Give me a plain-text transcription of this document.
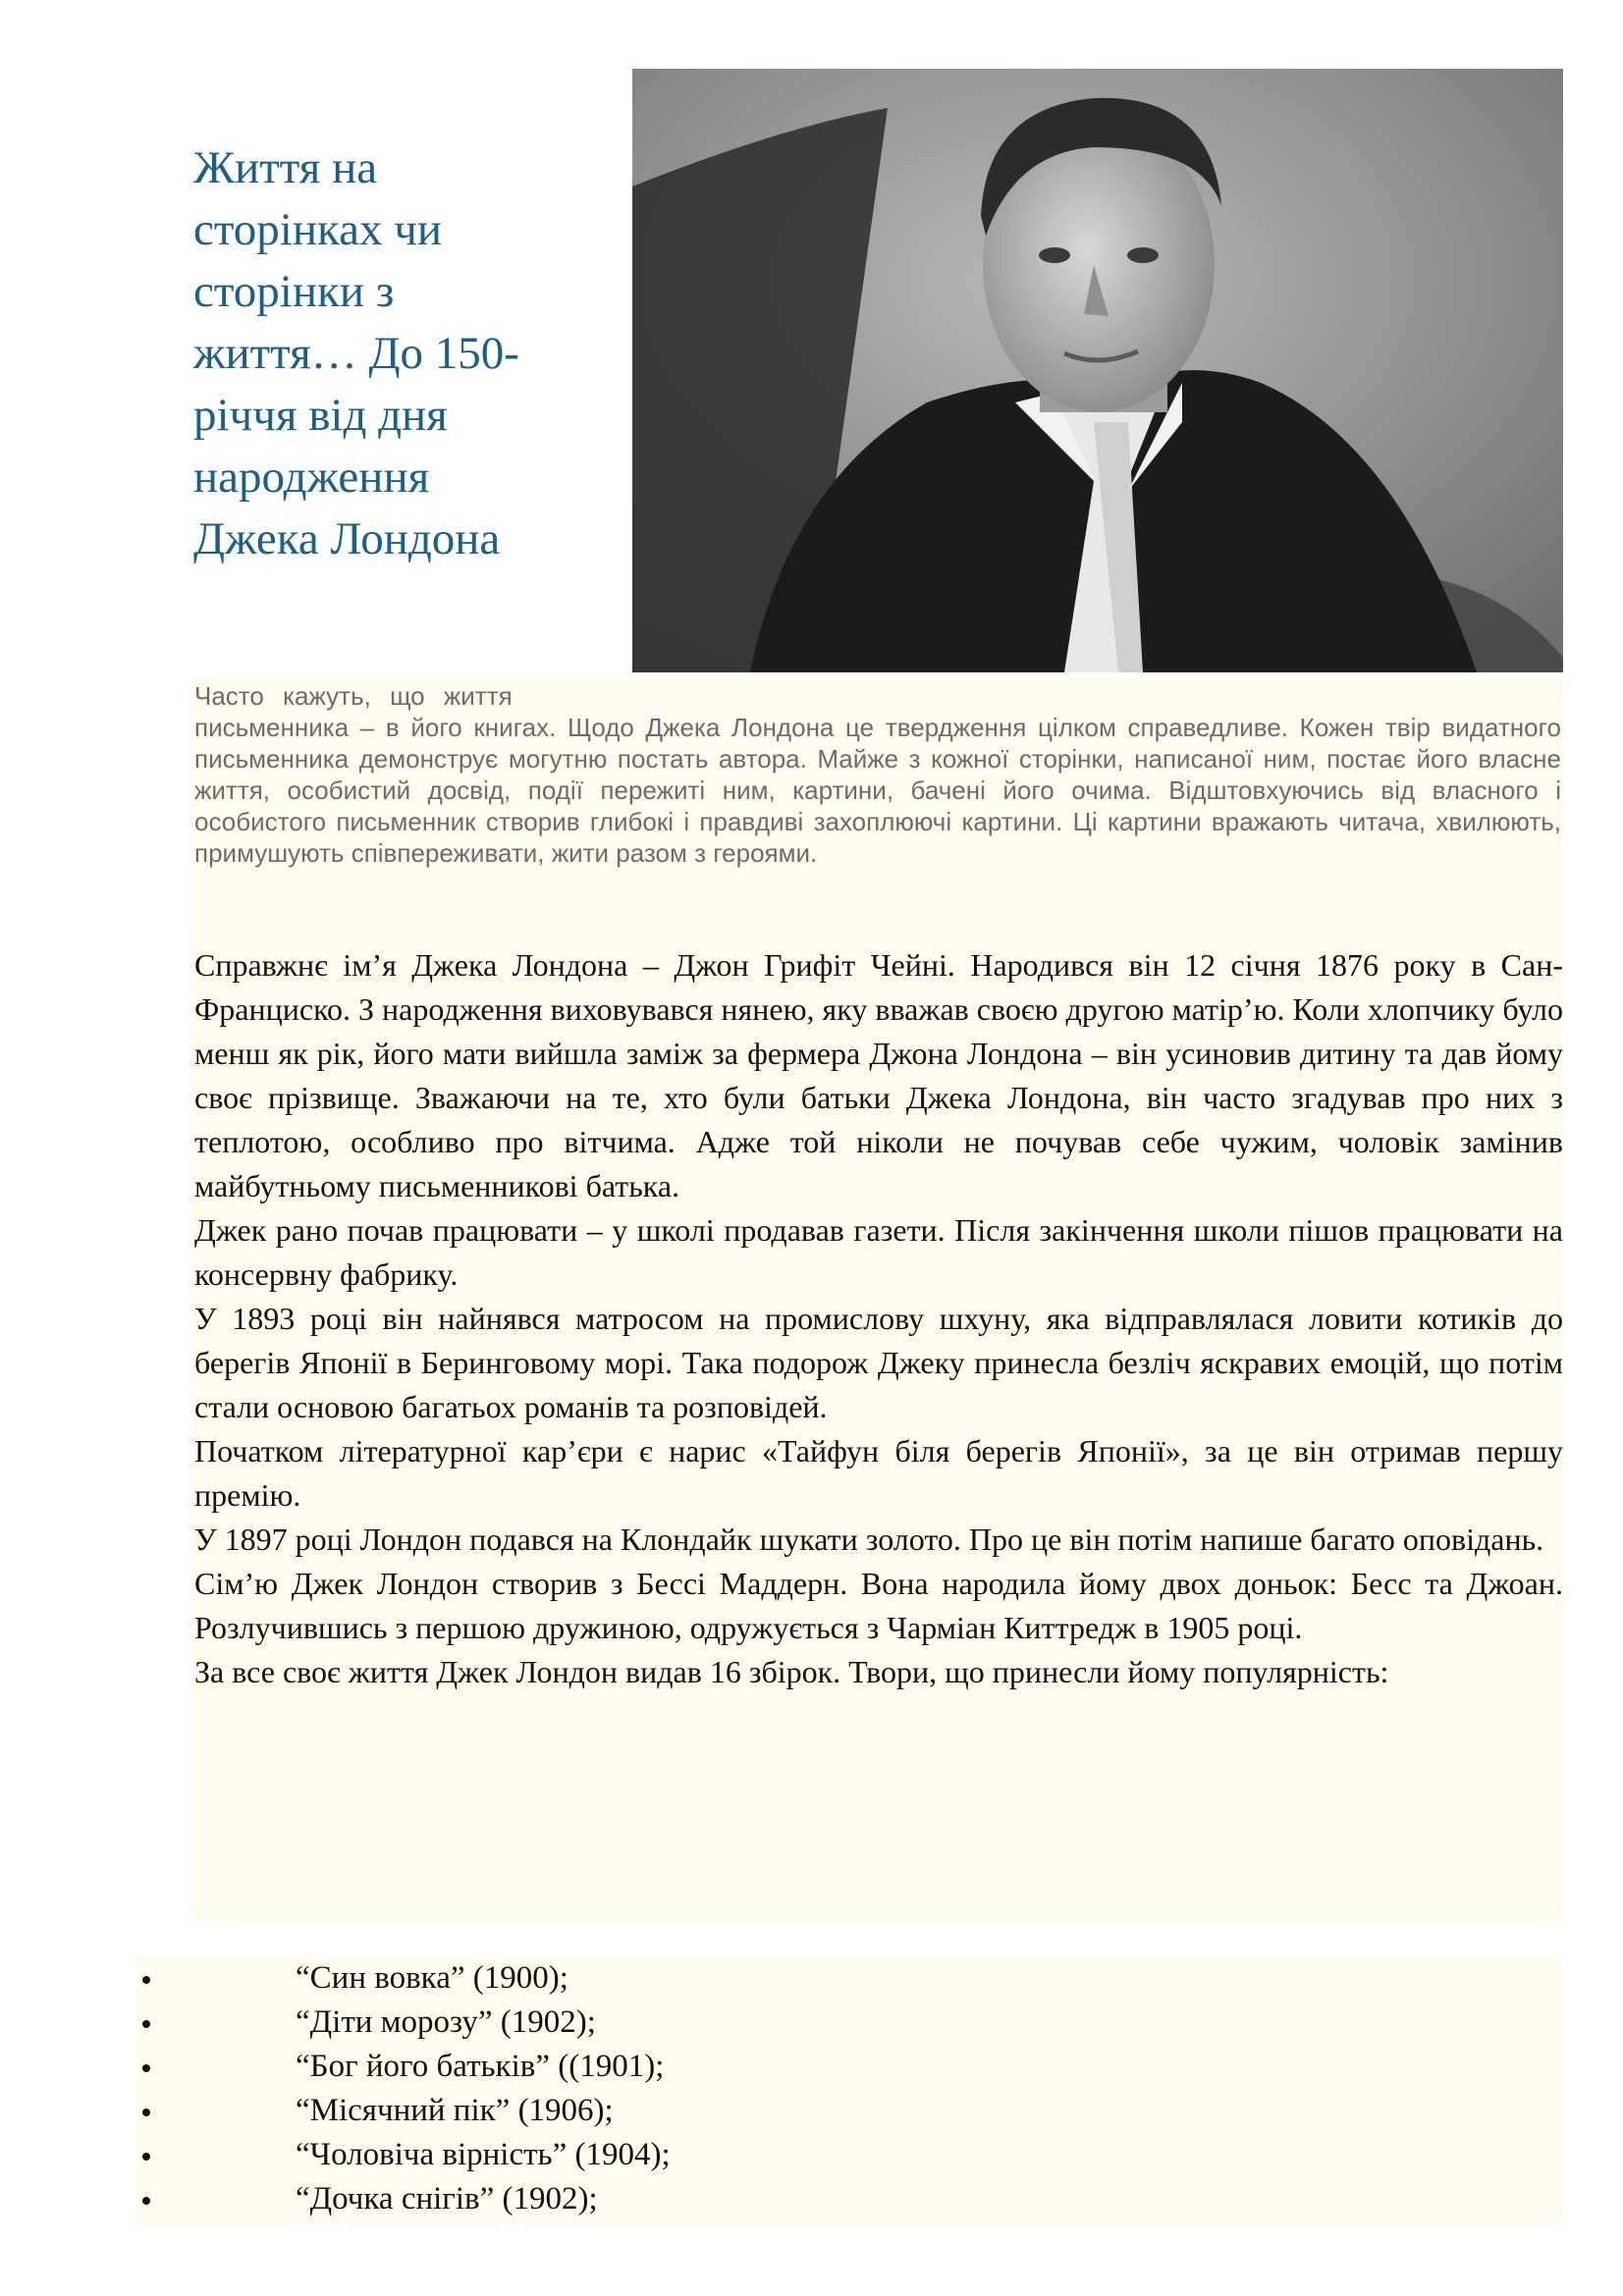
Життя на
сторінках чи
сторінки з
життя… До 150-
річчя від дня
народження
Джека Лондона
Часто кажуть, що життя
письменника – в його книгах. Щодо Джека Лондона це твердження цілком справедливе. Кожен твір видатного письменника демонструє могутню постать автора. Майже з кожної сторінки, написаної ним, постає його власне життя, особистий досвід, події пережиті ним, картини, бачені його очима. Відштовхуючись від власного і особистого письменник створив глибокі і правдиві захоплюючі картини. Ці картини вражають читача, хвилюють, примушують співпереживати, жити разом з героями.

Справжнє ім’я Джека Лондона – Джон Грифіт Чейні. Народився він 12 січня 1876 року в Сан-Франциско. З народження виховувався нянею, яку вважав своєю другою матір’ю. Коли хлопчику було менш як рік, його мати вийшла заміж за фермера Джона Лондона – він усиновив дитину та дав йому своє прізвище. Зважаючи на те, хто були батьки Джека Лондона, він часто згадував про них з теплотою, особливо про вітчима. Адже той ніколи не почував себе чужим, чоловік замінив майбутньому письменникові батька.

Джек рано почав працювати – у школі продавав газети. Після закінчення школи пішов працювати на консервну фабрику.

У 1893 році він найнявся матросом на промислову шхуну, яка відправлялася ловити котиків до берегів Японії в Беринговому морі. Така подорож Джеку принесла безліч яскравих емоцій, що потім стали основою багатьох романів та розповідей.

Початком літературної кар’єри є нарис «Тайфун біля берегів Японії», за це він отримав першу премію.

У 1897 році Лондон подався на Клондайк шукати золото. Про це він потім напише багато оповідань.

Сім’ю Джек Лондон створив з Бессі Маддерн. Вона народила йому двох доньок: Бесс та Джоан. Розлучившись з першою дружиною, одружується з Чарміан Киттредж в 1905 році.

За все своє життя Джек Лондон видав 16 збірок. Твори, що принесли йому популярність:

“Син вовка” (1900);
“Діти морозу” (1902);
“Бог його батьків” ((1901);
“Місячний пік” (1906);
“Чоловіча вірність” (1904);
“Дочка снігів” (1902);
